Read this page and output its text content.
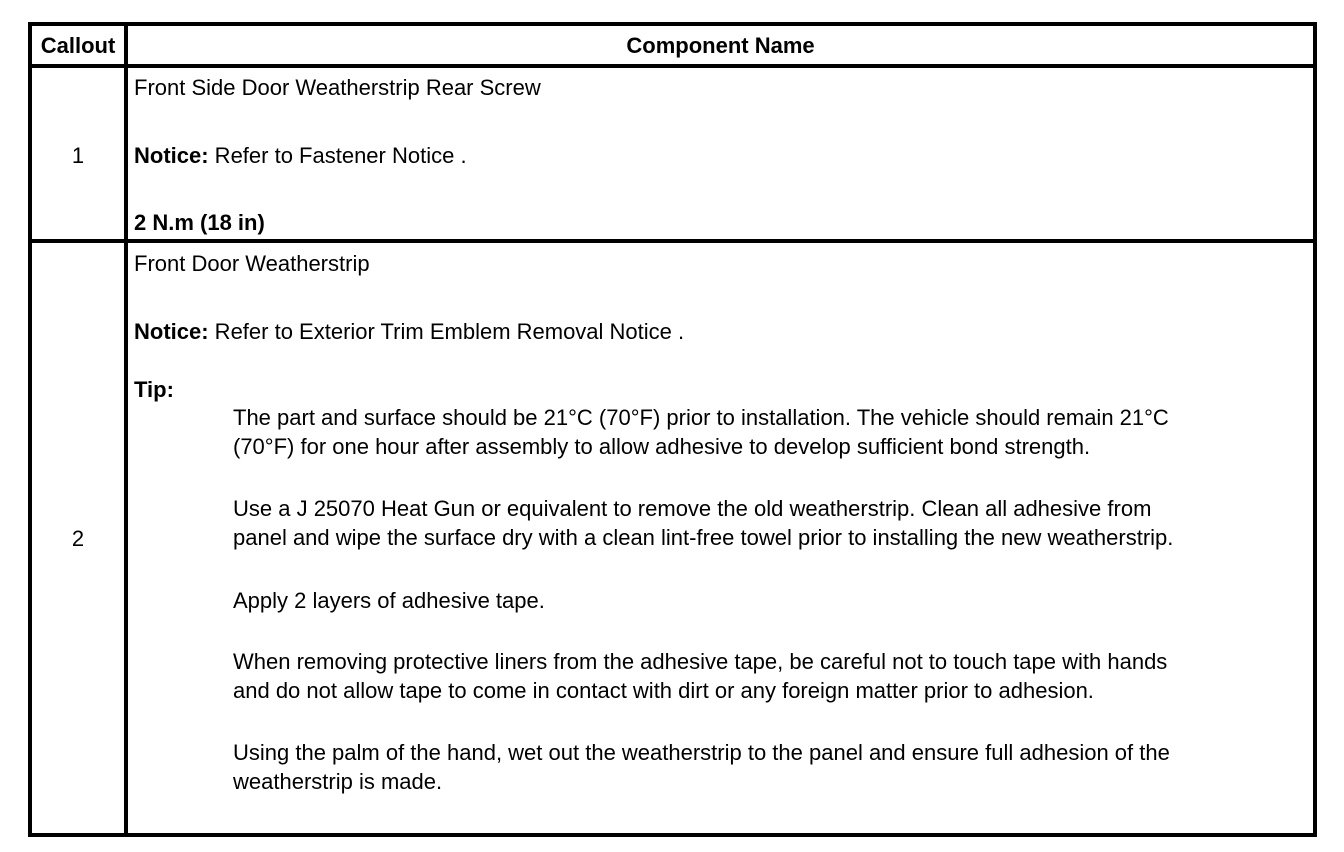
Callout	Component Name
1
Front Side Door Weatherstrip Rear Screw
Notice: Refer to Fastener Notice .
2 N.m (18 in)
2
Front Door Weatherstrip
Notice: Refer to Exterior Trim Emblem Removal Notice .
Tip:
The part and surface should be 21°C (70°F) prior to installation. The vehicle should remain 21°C
(70°F) for one hour after assembly to allow adhesive to develop sufficient bond strength.
Use a J 25070 Heat Gun or equivalent to remove the old weatherstrip. Clean all adhesive from
panel and wipe the surface dry with a clean lint-free towel prior to installing the new weatherstrip.
Apply 2 layers of adhesive tape.
When removing protective liners from the adhesive tape, be careful not to touch tape with hands
and do not allow tape to come in contact with dirt or any foreign matter prior to adhesion.
Using the palm of the hand, wet out the weatherstrip to the panel and ensure full adhesion of the
weatherstrip is made.
